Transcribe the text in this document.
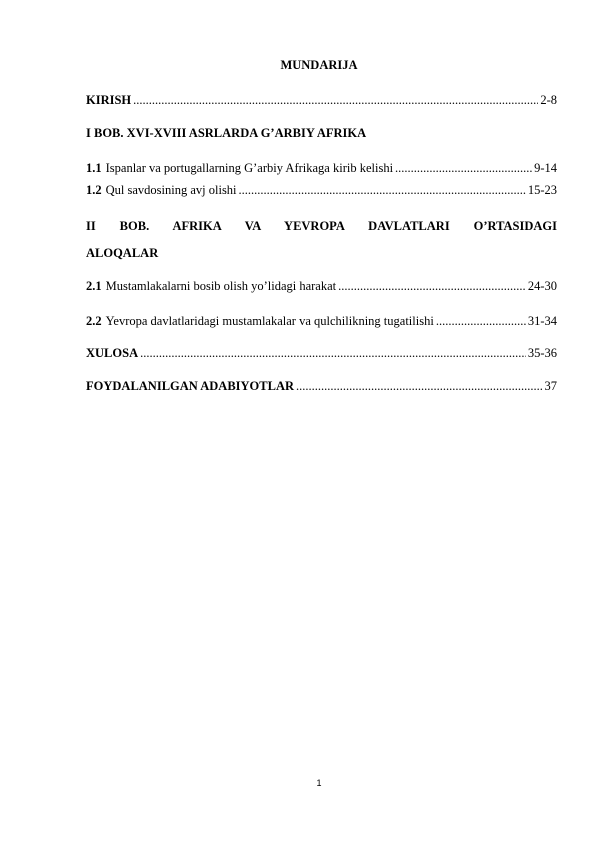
MUNDARIJA
KIRISH .....	2-8
I BOB. XVI-XVIII ASRLARDA G’ARBIY AFRIKA
1.1 Ispanlar va portugallarning G’arbiy Afrikaga kirib kelishi .....	9-14
1.2 Qul savdosining avj olishi .....	15-23
II BOB. AFRIKA VA YEVROPA DAVLATLARI O’RTASIDAGI
ALOQALAR
2.1 Mustamlakalarni bosib olish yo’lidagi harakat .....	24-30
2.2 Yevropa davlatlaridagi mustamlakalar va qulchilikning tugatilishi .....	31-34
XULOSA .....	35-36
FOYDALANILGAN ADABIYOTLAR .....	37
1
